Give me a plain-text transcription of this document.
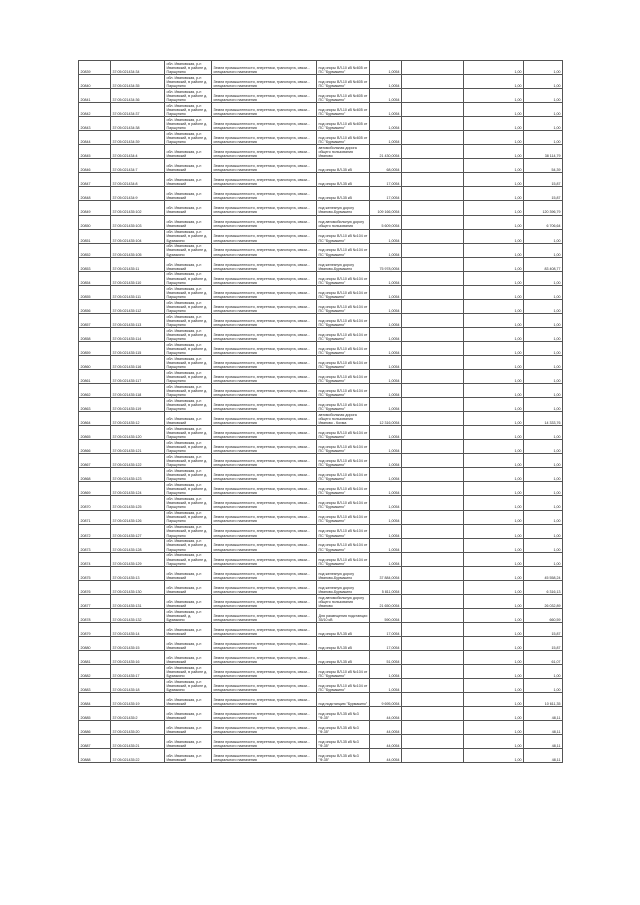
20839	37:05:021434:34	обл. Ивановская, р-н Ивановский, в районе д. Паршунино	Земли промышленности, энергетики, транспорта, связи... специального назначения	под опоры ВЛ-10 кВ №605 от ПС "Бурмакино"	1,0054		1,00	1,00
20840	37:05:021434:35	обл. Ивановская, р-н Ивановский, в районе д. Паршунино	Земли промышленности, энергетики, транспорта, связи... специального назначения	под опоры ВЛ-10 кВ №605 от ПС "Бурмакино"	1,0054		1,00	1,00
20841	37:05:021434:36	обл. Ивановская, р-н Ивановский, в районе д. Паршунино	Земли промышленности, энергетики, транспорта, связи... специального назначения	под опоры ВЛ-10 кВ №605 от ПС "Бурмакино"	1,0054		1,00	1,00
20842	37:05:021434:37	обл. Ивановская, р-н Ивановский, в районе д. Паршунино	Земли промышленности, энергетики, транспорта, связи... специального назначения	под опоры ВЛ-10 кВ №605 от ПС "Бурмакино"	1,0054		1,00	1,00
20843	37:05:021434:38	обл. Ивановская, р-н Ивановский, в районе д. Паршунино	Земли промышленности, энергетики, транспорта, связи... специального назначения	под опоры ВЛ-10 кВ №605 от ПС "Бурмакино"	1,0054		1,00	1,00
20844	37:05:021434:39	обл. Ивановская, р-н Ивановский, в районе д. Паршунино	Земли промышленности, энергетики, транспорта, связи... специального назначения	под опоры ВЛ-10 кВ №605 от ПС "Бурмакино"	1,0054		1,00	1,00
20845	37:05:021434:4	обл. Ивановская, р-н Ивановский	Земли промышленности, энергетики, транспорта, связи... специального назначения	автомобильная дорога общего пользования Иваново	21 430,0054		1,00	38 114,79
20846	37:05:021434:7	обл. Ивановская, р-н Ивановский	Земли промышленности, энергетики, транспорта, связи... специального назначения	под опоры ВЛ-35 кВ	68,0054		1,00	54,39
20847	37:05:021434:8	обл. Ивановская, р-н Ивановский	Земли промышленности, энергетики, транспорта, связи... специального назначения	под опоры ВЛ-35 кВ	17,0054		1,00	15,87
20848	37:05:021434:9	обл. Ивановская, р-н Ивановский	Земли промышленности, энергетики, транспорта, связи... специального назначения	под опоры ВЛ-35 кВ	17,0054		1,00	15,87
20849	37:05:021435:102	обл. Ивановская, р-н Ивановский	Земли промышленности, энергетики, транспорта, связи... специального назначения	под железную дорогу Иваново-Бурмакино	109 166,0054		1,00	120 396,79
20850	37:05:021435:103	обл. Ивановская, р-н Ивановский	Земли промышленности, энергетики, транспорта, связи... специального назначения	под автомобильную дорогу общего пользования	5 609,0054		1,00	6 706,64
20851	37:05:021435:104	обл. Ивановская, р-н Ивановский, в районе д. Бурмакино	Земли промышленности, энергетики, транспорта, связи... специального назначения	под опоры ВЛ-10 кВ №104 от ПС "Бурмакино"	1,0054		1,00	1,00
20852	37:05:021435:105	обл. Ивановская, р-н Ивановский, в районе д. Бурмакино	Земли промышленности, энергетики, транспорта, связи... специального назначения	под опоры ВЛ-10 кВ №104 от ПС "Бурмакино"	1,0054		1,00	1,00
20853	37:05:021435:11	обл. Ивановская, р-н Ивановский	Земли промышленности, энергетики, транспорта, связи... специального назначения	под железную дорогу Иваново-Бурмакино	75 978,0054		1,00	83 408,77
20854	37:05:021435:110	обл. Ивановская, р-н Ивановский, в районе д. Паршунино	Земли промышленности, энергетики, транспорта, связи... специального назначения	под опоры ВЛ-10 кВ №104 от ПС "Бурмакино"	1,0054		1,00	1,00
20855	37:05:021435:111	обл. Ивановская, р-н Ивановский, в районе д. Паршунино	Земли промышленности, энергетики, транспорта, связи... специального назначения	под опоры ВЛ-10 кВ №104 от ПС "Бурмакино"	1,0054		1,00	1,00
20856	37:05:021435:112	обл. Ивановская, р-н Ивановский, в районе д. Паршунино	Земли промышленности, энергетики, транспорта, связи... специального назначения	под опоры ВЛ-10 кВ №104 от ПС "Бурмакино"	1,0054		1,00	1,00
20857	37:05:021435:113	обл. Ивановская, р-н Ивановский, в районе д. Паршунино	Земли промышленности, энергетики, транспорта, связи... специального назначения	под опоры ВЛ-10 кВ №104 от ПС "Бурмакино"	1,0054		1,00	1,00
20858	37:05:021435:114	обл. Ивановская, р-н Ивановский, в районе д. Паршунино	Земли промышленности, энергетики, транспорта, связи... специального назначения	под опоры ВЛ-10 кВ №104 от ПС "Бурмакино"	1,0054		1,00	1,00
20859	37:05:021435:115	обл. Ивановская, р-н Ивановский, в районе д. Паршунино	Земли промышленности, энергетики, транспорта, связи... специального назначения	под опоры ВЛ-10 кВ №104 от ПС "Бурмакино"	1,0054		1,00	1,00
20860	37:05:021435:116	обл. Ивановская, р-н Ивановский, в районе д. Паршунино	Земли промышленности, энергетики, транспорта, связи... специального назначения	под опоры ВЛ-10 кВ №104 от ПС "Бурмакино"	1,0054		1,00	1,00
20861	37:05:021435:117	обл. Ивановская, р-н Ивановский, в районе д. Паршунино	Земли промышленности, энергетики, транспорта, связи... специального назначения	под опоры ВЛ-10 кВ №104 от ПС "Бурмакино"	1,0054		1,00	1,00
20862	37:05:021435:118	обл. Ивановская, р-н Ивановский, в районе д. Паршунино	Земли промышленности, энергетики, транспорта, связи... специального назначения	под опоры ВЛ-10 кВ №104 от ПС "Бурмакино"	1,0054		1,00	1,00
20863	37:05:021435:119	обл. Ивановская, р-н Ивановский, в районе д. Паршунино	Земли промышленности, энергетики, транспорта, связи... специального назначения	под опоры ВЛ-10 кВ №104 от ПС "Бурмакино"	1,0054		1,00	1,00
20864	37:05:021435:12	обл. Ивановская, р-н Ивановский	Земли промышленности, энергетики, транспорта, связи... специального назначения	автомобильная дорога общего пользования Иваново - Кохма	12 316,0054		1,00	14 333,76
20865	37:05:021435:120	обл. Ивановская, р-н Ивановский, в районе д. Паршунино	Земли промышленности, энергетики, транспорта, связи... специального назначения	под опоры ВЛ-10 кВ №104 от ПС "Бурмакино"	1,0054		1,00	1,00
20866	37:05:021435:121	обл. Ивановская, р-н Ивановский, в районе д. Паршунино	Земли промышленности, энергетики, транспорта, связи... специального назначения	под опоры ВЛ-10 кВ №104 от ПС "Бурмакино"	1,0054		1,00	1,00
20867	37:05:021435:122	обл. Ивановская, р-н Ивановский, в районе д. Паршунино	Земли промышленности, энергетики, транспорта, связи... специального назначения	под опоры ВЛ-10 кВ №104 от ПС "Бурмакино"	1,0054		1,00	1,00
20868	37:05:021435:123	обл. Ивановская, р-н Ивановский, в районе д. Паршунино	Земли промышленности, энергетики, транспорта, связи... специального назначения	под опоры ВЛ-10 кВ №104 от ПС "Бурмакино"	1,0054		1,00	1,00
20869	37:05:021435:124	обл. Ивановская, р-н Ивановский, в районе д. Паршунино	Земли промышленности, энергетики, транспорта, связи... специального назначения	под опоры ВЛ-10 кВ №104 от ПС "Бурмакино"	1,0054		1,00	1,00
20870	37:05:021435:125	обл. Ивановская, р-н Ивановский, в районе д. Паршунино	Земли промышленности, энергетики, транспорта, связи... специального назначения	под опоры ВЛ-10 кВ №104 от ПС "Бурмакино"	1,0054		1,00	1,00
20871	37:05:021435:126	обл. Ивановская, р-н Ивановский, в районе д. Паршунино	Земли промышленности, энергетики, транспорта, связи... специального назначения	под опоры ВЛ-10 кВ №104 от ПС "Бурмакино"	1,0054		1,00	1,00
20872	37:05:021435:127	обл. Ивановская, р-н Ивановский, в районе д. Паршунино	Земли промышленности, энергетики, транспорта, связи... специального назначения	под опоры ВЛ-10 кВ №104 от ПС "Бурмакино"	1,0054		1,00	1,00
20873	37:05:021435:128	обл. Ивановская, р-н Ивановский, в районе д. Паршунино	Земли промышленности, энергетики, транспорта, связи... специального назначения	под опоры ВЛ-10 кВ №104 от ПС "Бурмакино"	1,0054		1,00	1,00
20874	37:05:021435:129	обл. Ивановская, р-н Ивановский, в районе д. Паршунино	Земли промышленности, энергетики, транспорта, связи... специального назначения	под опоры ВЛ-10 кВ №104 от ПС "Бурмакино"	1,0054		1,00	1,00
20875	37:05:021435:13	обл. Ивановская, р-н Ивановский	Земли промышленности, энергетики, транспорта, связи... специального назначения	под железную дорогу Иваново-Бурмакино	37 884,0054		1,00	45 558,24
20876	37:05:021435:130	обл. Ивановская, р-н Ивановский	Земли промышленности, энергетики, транспорта, связи... специального назначения	под железную дорогу Иваново-Бурмакино	5 811,0054		1,00	6 316,13
20877	37:05:021435:131	обл. Ивановская, р-н Ивановский	Земли промышленности, энергетики, транспорта, связи... специального назначения	под автомобильную дорогу общего пользования Иваново	21 650,0054		1,00	26 032,89
20878	37:05:021435:132	обл. Ивановская, р-н Ивановский, д. Бурмакино	Земли промышленности, энергетики, транспорта, связи... специального назначения	Для размещения подстанции 35/10 кВ	590,0054		1,00	660,59
20879	37:05:021435:14	обл. Ивановская, р-н Ивановский	Земли промышленности, энергетики, транспорта, связи... специального назначения	под опоры ВЛ-35 кВ	17,0054		1,00	15,87
20880	37:05:021435:15	обл. Ивановская, р-н Ивановский	Земли промышленности, энергетики, транспорта, связи... специального назначения	под опоры ВЛ-35 кВ	17,0054		1,00	15,87
20881	37:05:021435:16	обл. Ивановская, р-н Ивановский	Земли промышленности, энергетики, транспорта, связи... специального назначения	под опоры ВЛ-35 кВ	51,0054		1,00	61,07
20882	37:05:021435:17	обл. Ивановская, р-н Ивановский, в районе д. Бурмакино	Земли промышленности, энергетики, транспорта, связи... специального назначения	под опоры ВЛ-10 кВ №104 от ПС "Бурмакино"	1,0054		1,00	1,00
20883	37:05:021435:18	обл. Ивановская, р-н Ивановский, в районе д. Бурмакино	Земли промышленности, энергетики, транспорта, связи... специального назначения	под опоры ВЛ-10 кВ №104 от ПС "Бурмакино"	1,0054		1,00	1,00
20884	37:05:021435:19	обл. Ивановская, р-н Ивановский	Земли промышленности, энергетики, транспорта, связи... специального назначения	под подстанцию "Бурмакино"	9 695,0054		1,00	10 611,35
20885	37:05:021435:2	обл. Ивановская, р-н Ивановский	Земли промышленности, энергетики, транспорта, связи... специального назначения	под опоры ВЛ-35 кВ №3 "Ф-35"	44,0054		1,00	48,11
20886	37:05:021435:20	обл. Ивановская, р-н Ивановский	Земли промышленности, энергетики, транспорта, связи... специального назначения	под опоры ВЛ-35 кВ №3 "Ф-35"	44,0054		1,00	48,11
20887	37:05:021435:21	обл. Ивановская, р-н Ивановский	Земли промышленности, энергетики, транспорта, связи... специального назначения	под опоры ВЛ-35 кВ №3 "Ф-35"	44,0054		1,00	48,11
20888	37:05:021435:22	обл. Ивановская, р-н Ивановский	Земли промышленности, энергетики, транспорта, связи... специального назначения	под опоры ВЛ-35 кВ №3 "Ф-35"	44,0054		1,00	48,11
